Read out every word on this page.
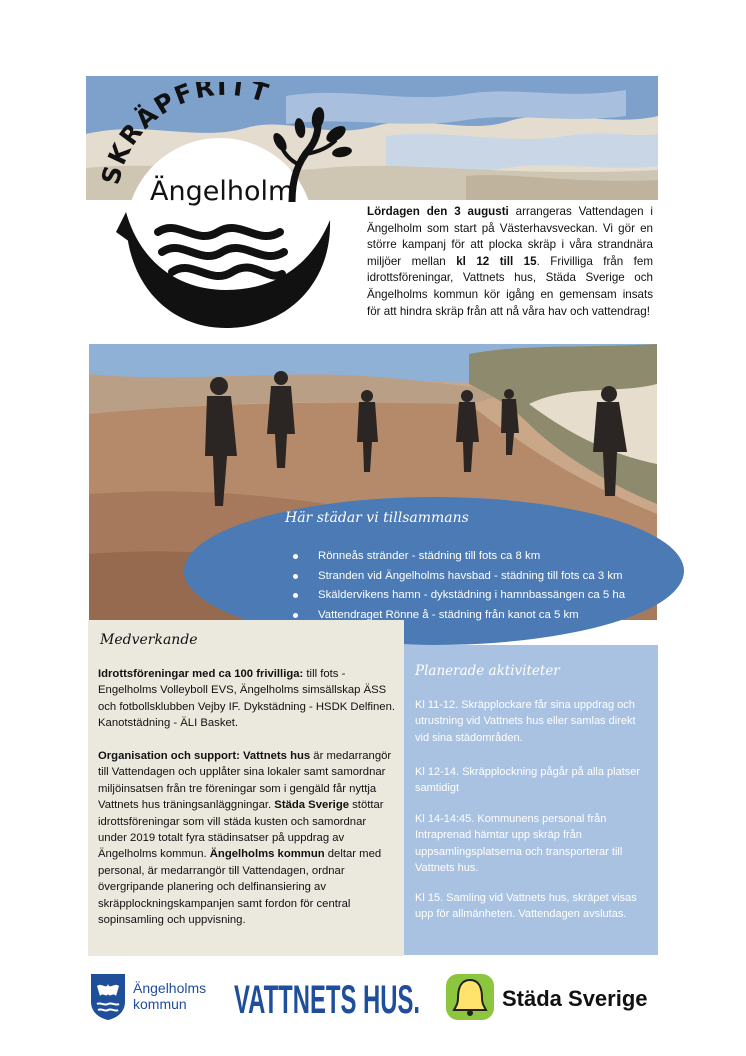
SKRÄPFRITT
Ängelholm
Lördagen den 3 augusti arrangeras Vattendagen i Ängelholm som start på Västerhavsveckan. Vi gör en större kampanj för att plocka skräp i våra strandnära miljöer mellan kl 12 till 15. Frivilliga från fem idrottsföreningar, Vattnets hus, Städa Sverige och Ängelholms kommun kör igång en gemensam insats för att hindra skräp från att nå våra hav och vattendrag!
Här städar vi tillsammans
Rönneås stränder - städning till fots ca 8 km
Stranden vid Ängelholms havsbad - städning till fots ca 3 km
Skäldervikens hamn - dykstädning i hamnbassängen ca 5 ha
Vattendraget Rönne å - städning från kanot ca 5 km
Medverkande
Idrottsföreningar med ca 100 frivilliga: till fots - Engelholms Volleyboll EVS, Ängelholms simsällskap ÄSS och fotbollsklubben Vejby IF. Dykstädning - HSDK Delfinen. Kanotstädning - ÄLI Basket.
Organisation och support: Vattnets hus är medarrangör till Vattendagen och upplåter sina lokaler samt samordnar miljöinsatsen från tre föreningar som i gengäld får nyttja Vattnets hus träningsanläggningar. Städa Sverige stöttar idrottsföreningar som vill städa kusten och samordnar under 2019 totalt fyra städinsatser på uppdrag av Ängelholms kommun. Ängelholms kommun deltar med personal, är medarrangör till Vattendagen, ordnar övergripande planering och delfinansiering av skräpplockningskampanjen samt fordon för central sopinsamling och uppvisning.
Planerade aktiviteter
Kl 11-12. Skräpplockare får sina uppdrag och utrustning vid Vattnets hus eller samlas direkt vid sina städområden.
Kl 12-14. Skräpplockning pågår på alla platser samtidigt
Kl 14-14:45. Kommunens personal från Intraprenad hämtar upp skräp från uppsamlingsplatserna och transporterar till Vattnets hus.
Kl 15. Samling vid Vattnets hus, skräpet visas upp för allmänheten. Vattendagen avslutas.
Ängelholms
kommun VATTNETS HUS.	Städa Sverige
